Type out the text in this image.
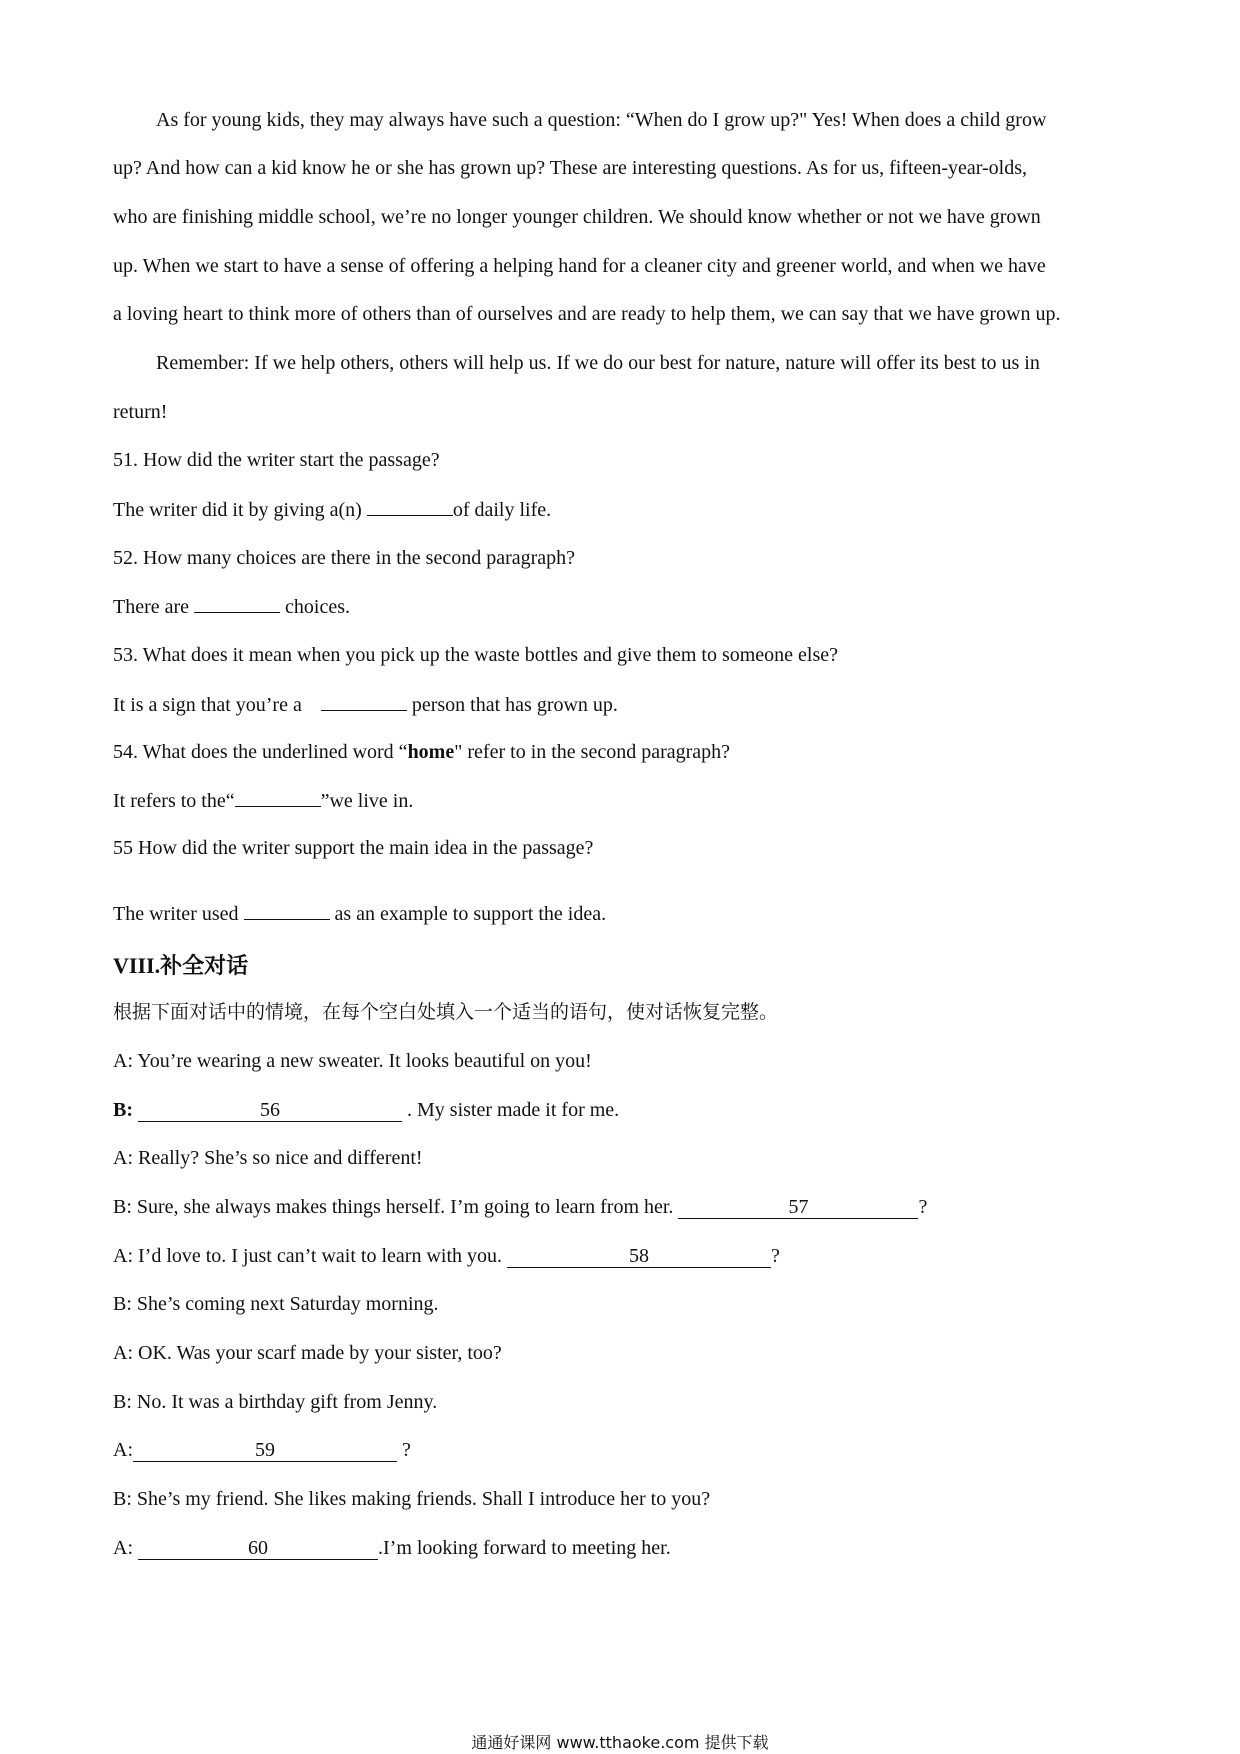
As for young kids, they may always have such a question: “When do I grow up?" Yes! When does a child grow
up? And how can a kid know he or she has grown up? These are interesting questions. As for us, fifteen-year-olds,
who are finishing middle school, we’re no longer younger children. We should know whether or not we have grown
up. When we start to have a sense of offering a helping hand for a cleaner city and greener world, and when we have
a loving heart to think more of others than of ourselves and are ready to help them, we can say that we have grown up.
Remember: If we help others, others will help us. If we do our best for nature, nature will offer its best to us in
return!
51. How did the writer start the passage?
The writer did it by giving a(n)	of daily life.
52. How many choices are there in the second paragraph?
There are	choices.
53. What does it mean when you pick up the waste bottles and give them to someone else?
It is a sign that you’re a	person that has grown up.
54. What does the underlined word “home" refer to in the second paragraph?
It refers to the“	”we live in.
55 How did the writer support the main idea in the passage?
The writer used	as an example to support the idea.
VIII.补全对话
根据下面对话中的情境，在每个空白处填入一个适当的语句，使对话恢复完整。
A: You’re wearing a new sweater. It looks beautiful on you!
B:	56	. My sister made it for me.
A: Really? She’s so nice and different!
B: Sure, she always makes things herself. I’m going to learn from her.	57	?
A: I’d love to. I just can’t wait to learn with you.	58	?
B: She’s coming next Saturday morning.
A: OK. Was your scarf made by your sister, too?
B: No. It was a birthday gift from Jenny.
A:	59	?
B: She’s my friend. She likes making friends. Shall I introduce her to you?
A:	60	.I’m looking forward to meeting her.
通通好课网 www.tthaoke.com 提供下载
